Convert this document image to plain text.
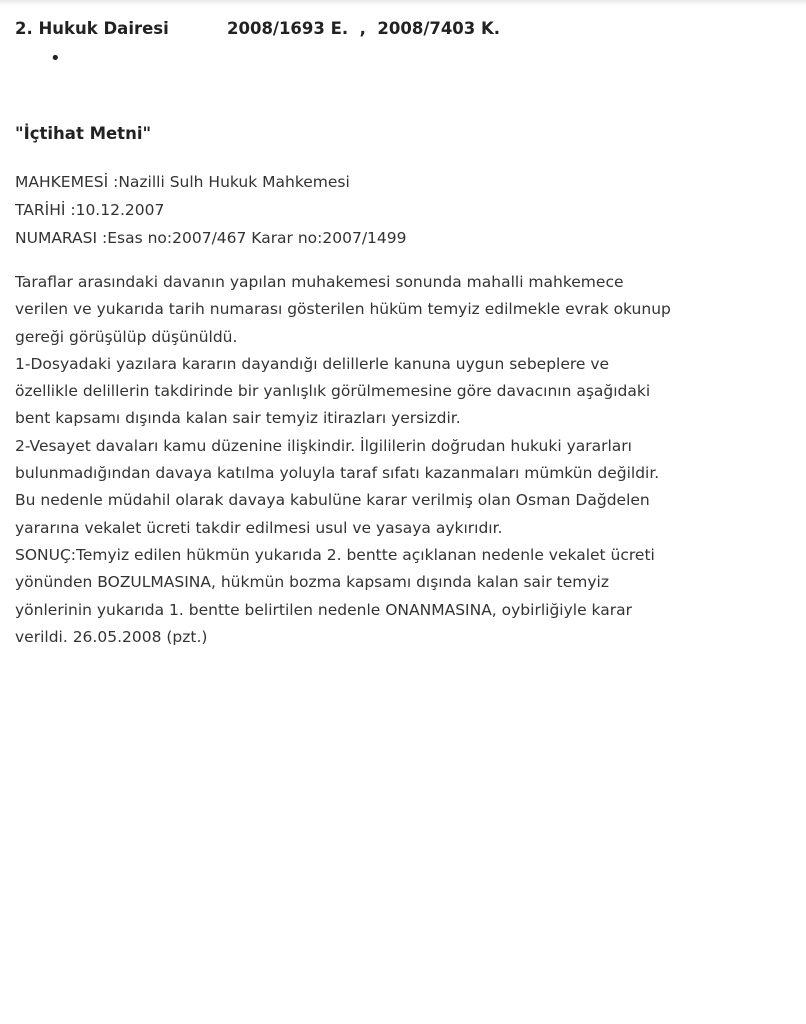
2. Hukuk Dairesi	2008/1693 E.  ,  2008/7403 K.
•
"İçtihat Metni"
MAHKEMESİ :Nazilli Sulh Hukuk Mahkemesi
TARİHİ :10.12.2007
NUMARASI :Esas no:2007/467 Karar no:2007/1499
Taraflar arasındaki davanın yapılan muhakemesi sonunda mahalli mahkemece
verilen ve yukarıda tarih numarası gösterilen hüküm temyiz edilmekle evrak okunup
gereği görüşülüp düşünüldü.
1-Dosyadaki yazılara kararın dayandığı delillerle kanuna uygun sebeplere ve
özellikle delillerin takdirinde bir yanlışlık görülmemesine göre davacının aşağıdaki
bent kapsamı dışında kalan sair temyiz itirazları yersizdir.
2-Vesayet davaları kamu düzenine ilişkindir. İlgililerin doğrudan hukuki yararları
bulunmadığından davaya katılma yoluyla taraf sıfatı kazanmaları mümkün değildir.
Bu nedenle müdahil olarak davaya kabulüne karar verilmiş olan Osman Dağdelen
yararına vekalet ücreti takdir edilmesi usul ve yasaya aykırıdır.
SONUÇ:Temyiz edilen hükmün yukarıda 2. bentte açıklanan nedenle vekalet ücreti
yönünden BOZULMASINA, hükmün bozma kapsamı dışında kalan sair temyiz
yönlerinin yukarıda 1. bentte belirtilen nedenle ONANMASINA, oybirliğiyle karar
verildi. 26.05.2008 (pzt.)
